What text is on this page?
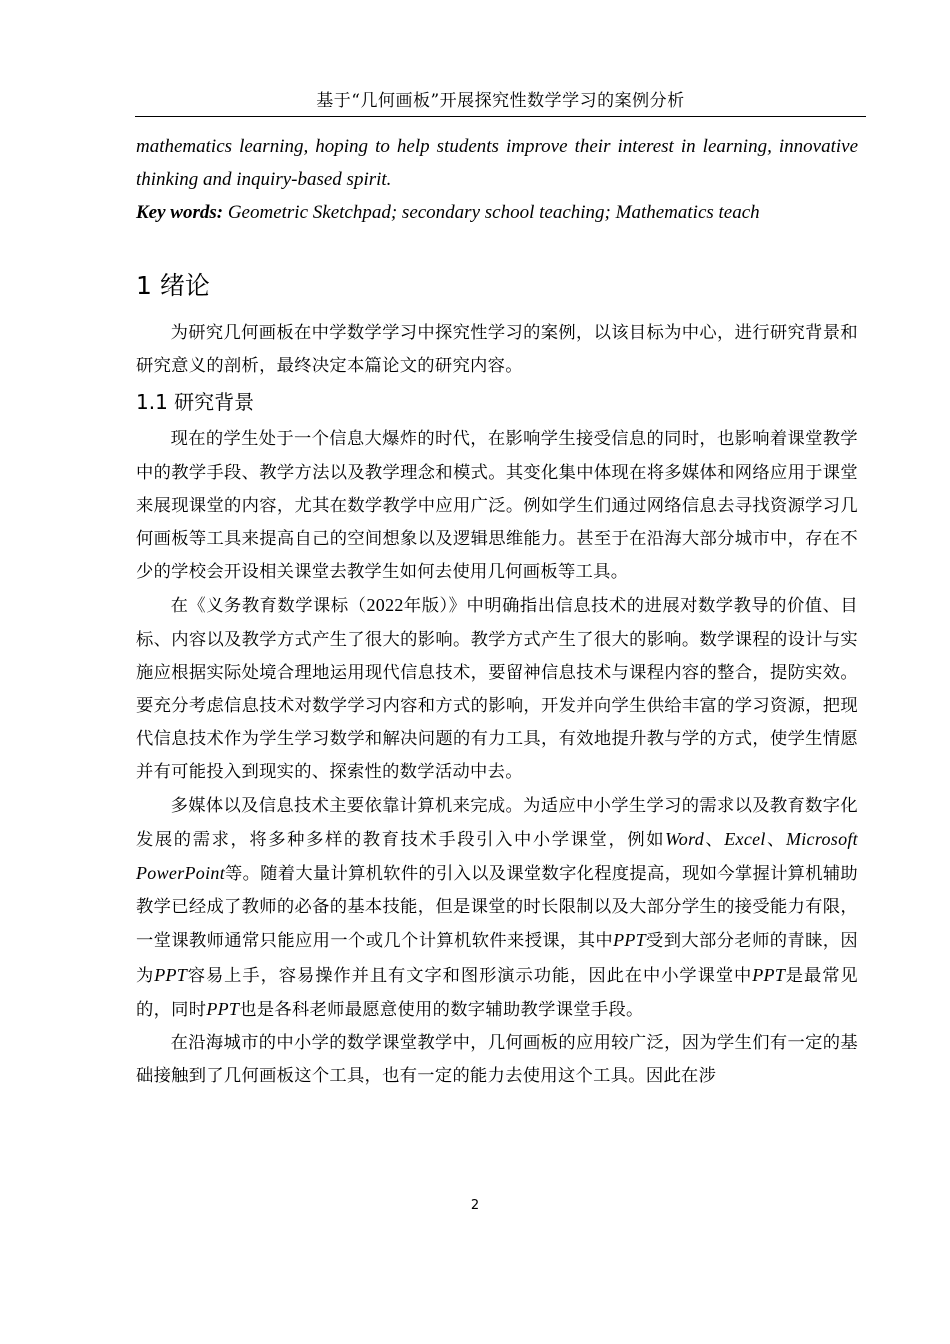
基于“几何画板”开展探究性数学学习的案例分析

mathematics learning, hoping to help students improve their interest in learning, innovative thinking and inquiry-based spirit.

Key words: Geometric Sketchpad; secondary school teaching; Mathematics teach

1 绪论

为研究几何画板在中学数学学习中探究性学习的案例，以该目标为中心，进行研究背景和研究意义的剖析，最终决定本篇论文的研究内容。

1.1 研究背景

现在的学生处于一个信息大爆炸的时代，在影响学生接受信息的同时，也影响着课堂教学中的教学手段、教学方法以及教学理念和模式。其变化集中体现在将多媒体和网络应用于课堂来展现课堂的内容，尤其在数学教学中应用广泛。例如学生们通过网络信息去寻找资源学习几何画板等工具来提高自己的空间想象以及逻辑思维能力。甚至于在沿海大部分城市中，存在不少的学校会开设相关课堂去教学生如何去使用几何画板等工具。

在《义务教育数学课标（2022年版）》中明确指出信息技术的进展对数学教导的价值、目标、内容以及教学方式产生了很大的影响。教学方式产生了很大的影响。数学课程的设计与实施应根据实际处境合理地运用现代信息技术，要留神信息技术与课程内容的整合，提防实效。要充分考虑信息技术对数学学习内容和方式的影响，开发并向学生供给丰富的学习资源，把现代信息技术作为学生学习数学和解决问题的有力工具，有效地提升教与学的方式，使学生情愿并有可能投入到现实的、探索性的数学活动中去。

多媒体以及信息技术主要依靠计算机来完成。为适应中小学生学习的需求以及教育数字化发展的需求，将多种多样的教育技术手段引入中小学课堂，例如Word、Excel、Microsoft PowerPoint等。随着大量计算机软件的引入以及课堂数字化程度提高，现如今掌握计算机辅助教学已经成了教师的必备的基本技能，但是课堂的时长限制以及大部分学生的接受能力有限，一堂课教师通常只能应用一个或几个计算机软件来授课，其中PPT受到大部分老师的青睐，因为PPT容易上手，容易操作并且有文字和图形演示功能，因此在中小学课堂中PPT是最常见的，同时PPT也是各科老师最愿意使用的数字辅助教学课堂手段。

在沿海城市的中小学的数学课堂教学中，几何画板的应用较广泛，因为学生们有一定的基础接触到了几何画板这个工具，也有一定的能力去使用这个工具。因此在涉

2
